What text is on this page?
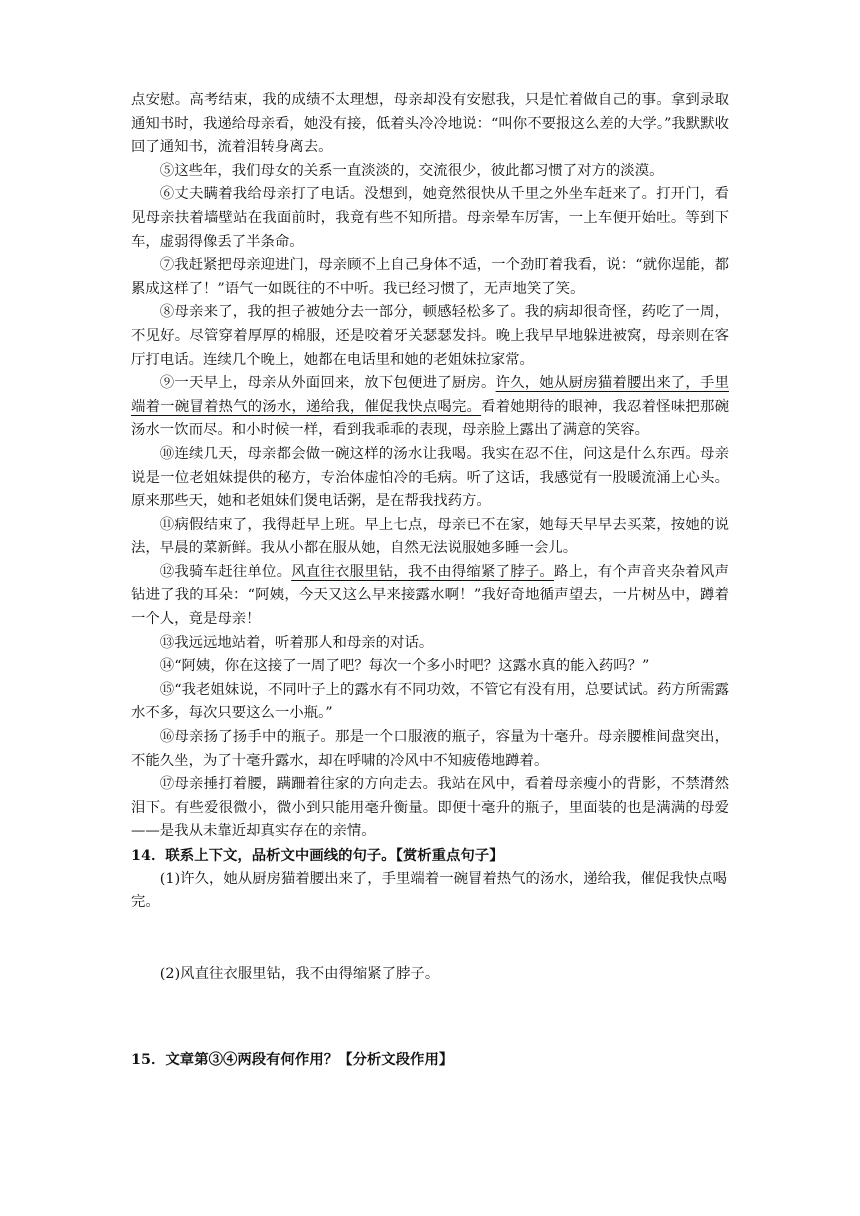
点安慰。高考结束，我的成绩不太理想，母亲却没有安慰我，只是忙着做自己的事。拿到录取通知书时，我递给母亲看，她没有接，低着头冷冷地说：“叫你不要报这么差的大学。”我默默收回了通知书，流着泪转身离去。

⑤这些年，我们母女的关系一直淡淡的，交流很少，彼此都习惯了对方的淡漠。

⑥丈夫瞒着我给母亲打了电话。没想到，她竟然很快从千里之外坐车赶来了。打开门，看见母亲扶着墙壁站在我面前时，我竟有些不知所措。母亲晕车厉害，一上车便开始吐。等到下车，虚弱得像丢了半条命。

⑦我赶紧把母亲迎进门，母亲顾不上自己身体不适，一个劲盯着我看，说：“就你逞能，都累成这样了！”语气一如既往的不中听。我已经习惯了，无声地笑了笑。

⑧母亲来了，我的担子被她分去一部分，顿感轻松多了。我的病却很奇怪，药吃了一周，不见好。尽管穿着厚厚的棉服，还是咬着牙关瑟瑟发抖。晚上我早早地躲进被窝，母亲则在客厅打电话。连续几个晚上，她都在电话里和她的老姐妹拉家常。

⑨一天早上，母亲从外面回来，放下包便进了厨房。许久，她从厨房猫着腰出来了，手里端着一碗冒着热气的汤水，递给我，催促我快点喝完。看着她期待的眼神，我忍着怪味把那碗汤水一饮而尽。和小时候一样，看到我乖乖的表现，母亲脸上露出了满意的笑容。

⑩连续几天，母亲都会做一碗这样的汤水让我喝。我实在忍不住，问这是什么东西。母亲说是一位老姐妹提供的秘方，专治体虚怕冷的毛病。听了这话，我感觉有一股暖流涌上心头。原来那些天，她和老姐妹们煲电话粥，是在帮我找药方。

⑪病假结束了，我得赶早上班。早上七点，母亲已不在家，她每天早早去买菜，按她的说法，早晨的菜新鲜。我从小都在服从她，自然无法说服她多睡一会儿。

⑫我骑车赶往单位。风直往衣服里钻，我不由得缩紧了脖子。路上，有个声音夹杂着风声钻进了我的耳朵：“阿姨，今天又这么早来接露水啊！”我好奇地循声望去，一片树丛中，蹲着一个人，竟是母亲！

⑬我远远地站着，听着那人和母亲的对话。

⑭“阿姨，你在这接了一周了吧？每次一个多小时吧？这露水真的能入药吗？”

⑮“我老姐妹说，不同叶子上的露水有不同功效，不管它有没有用，总要试试。药方所需露水不多，每次只要这么一小瓶。”

⑯母亲扬了扬手中的瓶子。那是一个口服液的瓶子，容量为十毫升。母亲腰椎间盘突出，不能久坐，为了十毫升露水，却在呼啸的冷风中不知疲倦地蹲着。

⑰母亲捶打着腰，蹒跚着往家的方向走去。我站在风中，看着母亲瘦小的背影，不禁潸然泪下。有些爱很微小，微小到只能用毫升衡量。即便十毫升的瓶子，里面装的也是满满的母爱——是我从未靠近却真实存在的亲情。

14．联系上下文，品析文中画线的句子。【赏析重点句子】

(1)许久，她从厨房猫着腰出来了，手里端着一碗冒着热气的汤水，递给我，催促我快点喝完。

(2)风直往衣服里钻，我不由得缩紧了脖子。

15．文章第③④两段有何作用？【分析文段作用】
